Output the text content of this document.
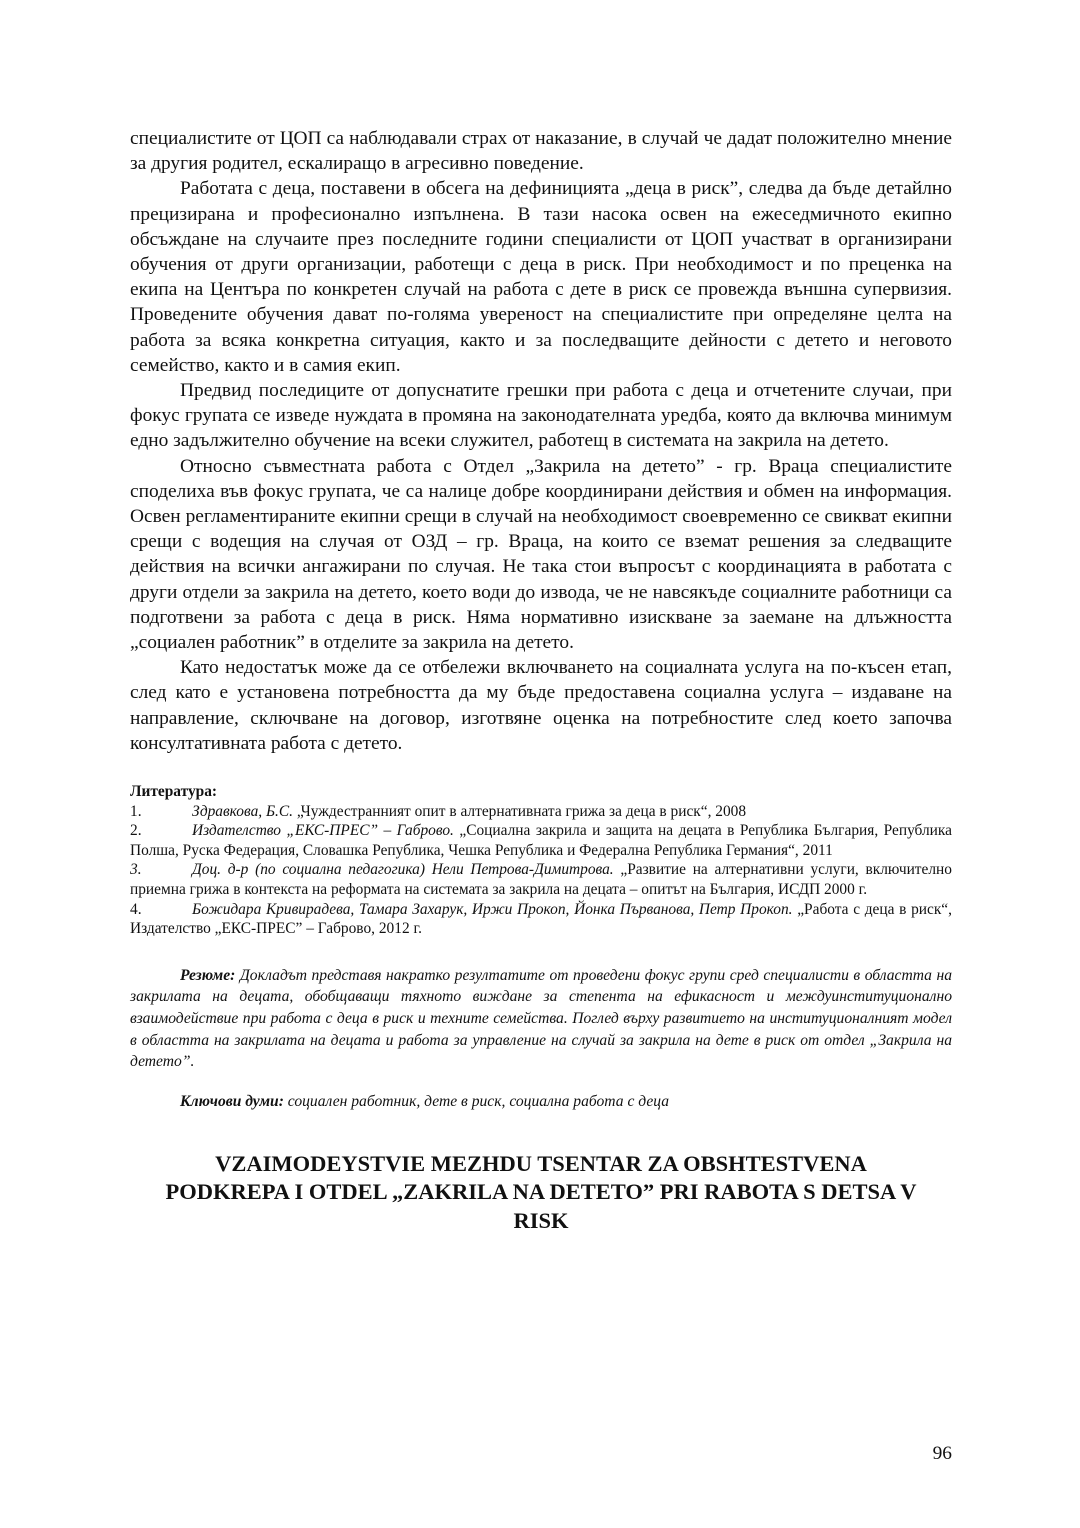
специалистите от ЦОП са наблюдавали страх от наказание, в случай че дадат положително мнение за другия родител, ескалиращо в агресивно поведение.

Работата с деца, поставени в обсега на дефиницията „деца в риск”, следва да бъде детайлно прецизирана и професионално изпълнена. В тази насока освен на ежеседмичното екипно обсъждане на случаите през последните години специалисти от ЦОП участват в организирани обучения от други организации, работещи с деца в риск. При необходимост и по преценка на екипа на Центъра по конкретен случай на работа с дете в риск се провежда външна супервизия. Проведените обучения дават по-голяма увереност на специалистите при определяне целта на работа за всяка конкретна ситуация, както и за последващите дейности с детето и неговото семейство, както и в самия екип.

Предвид последиците от допуснатите грешки при работа с деца и отчетените случаи, при фокус групата се изведе нуждата в промяна на законодателната уредба, която да включва минимум едно задължително обучение на всеки служител, работещ в системата на закрила на детето.

Относно съвместната работа с Отдел „Закрила на детето” - гр. Враца специалистите споделиха във фокус групата, че са налице добре координирани действия и обмен на информация. Освен регламентираните екипни срещи в случай на необходимост своевременно се свикват екипни срещи с водещия на случая от ОЗД – гр. Враца, на които се вземат решения за следващите действия на всички ангажирани по случая. Не така стои въпросът с координацията в работата с други отдели за закрила на детето, което води до извода, че не навсякъде социалните работници са подготвени за работа с деца в риск. Няма нормативно изискване за заемане на длъжността „социален работник” в отделите за закрила на детето.

Като недостатък може да се отбележи включването на социалната услуга на по-късен етап, след като е установена потребността да му бъде предоставена социална услуга – издаване на направление, сключване на договор, изготвяне оценка на потребностите след което започва консултативната работа с детето.

Литература:

1.	Здравкова, Б.С. „Чуждестранният опит в алтернативната грижа за деца в риск“, 2008

2.	Издателство „ЕКС-ПРЕС” – Габрово. „Социална закрила и защита на децата в Република България, Република Полша, Руска Федерация, Словашка Република, Чешка Република и Федерална Република Германия“, 2011

3.	Доц. д-р (по социална педагогика) Нели Петрова-Димитрова. „Развитие на алтернативни услуги, включително приемна грижа в контекста на реформата на системата за закрила на децата – опитът на България, ИСДП 2000 г.

4.	Божидара Кривирадева, Тамара Захарук, Иржи Прокоп, Йонка Първанова, Петр Прокоп. „Работа с деца в риск“, Издателство „ЕКС-ПРЕС” – Габрово, 2012 г.

Резюме: Докладът представя накратко резултатите от проведени фокус групи сред специалисти в областта на закрилата на децата, обобщаващи тяхното виждане за степента на ефикасност и междуинституционално взаимодействие при работа с деца в риск и техните семейства. Поглед върху развитието на институционалният модел в областта на закрилата на децата и работа за управление на случай за закрила на дете в риск от отдел „Закрила на детето”.

Ключови думи: социален работник, дете в риск, социална работа с деца

VZAIMODEYSTVIE MEZHDU TSENTAR ZA OBSHTESTVENA PODKREPA I OTDEL „ZAKRILA NA DETETO” PRI RABOTA S DETSA V RISK
96
